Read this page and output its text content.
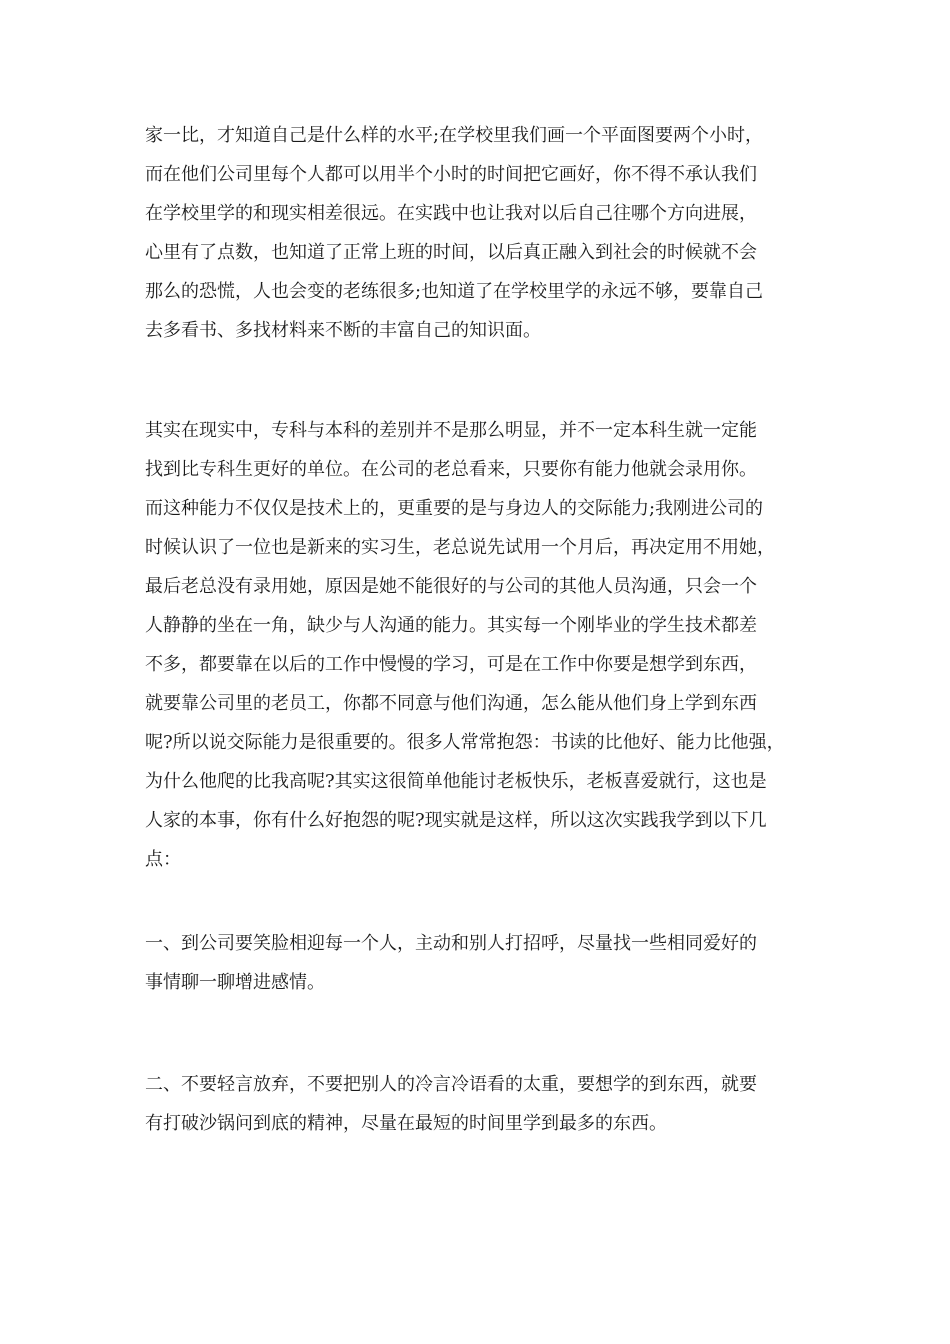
家一比，才知道自己是什么样的水平;在学校里我们画一个平面图要两个小时，

而在他们公司里每个人都可以用半个小时的时间把它画好，你不得不承认我们

在学校里学的和现实相差很远。在实践中也让我对以后自己往哪个方向进展，

心里有了点数，也知道了正常上班的时间，以后真正融入到社会的时候就不会

那么的恐慌，人也会变的老练很多;也知道了在学校里学的永远不够，要靠自己

去多看书、多找材料来不断的丰富自己的知识面。

其实在现实中，专科与本科的差别并不是那么明显，并不一定本科生就一定能

找到比专科生更好的单位。在公司的老总看来，只要你有能力他就会录用你。

而这种能力不仅仅是技术上的，更重要的是与身边人的交际能力;我刚进公司的

时候认识了一位也是新来的实习生，老总说先试用一个月后，再决定用不用她，

最后老总没有录用她，原因是她不能很好的与公司的其他人员沟通，只会一个

人静静的坐在一角，缺少与人沟通的能力。其实每一个刚毕业的学生技术都差

不多，都要靠在以后的工作中慢慢的学习，可是在工作中你要是想学到东西，

就要靠公司里的老员工，你都不同意与他们沟通，怎么能从他们身上学到东西

呢?所以说交际能力是很重要的。很多人常常抱怨：书读的比他好、能力比他强，

为什么他爬的比我高呢?其实这很简单他能讨老板快乐，老板喜爱就行，这也是

人家的本事，你有什么好抱怨的呢?现实就是这样，所以这次实践我学到以下几

点：

一、到公司要笑脸相迎每一个人，主动和别人打招呼，尽量找一些相同爱好的

事情聊一聊增进感情。

二、不要轻言放弃，不要把别人的冷言冷语看的太重，要想学的到东西，就要

有打破沙锅问到底的精神，尽量在最短的时间里学到最多的东西。
